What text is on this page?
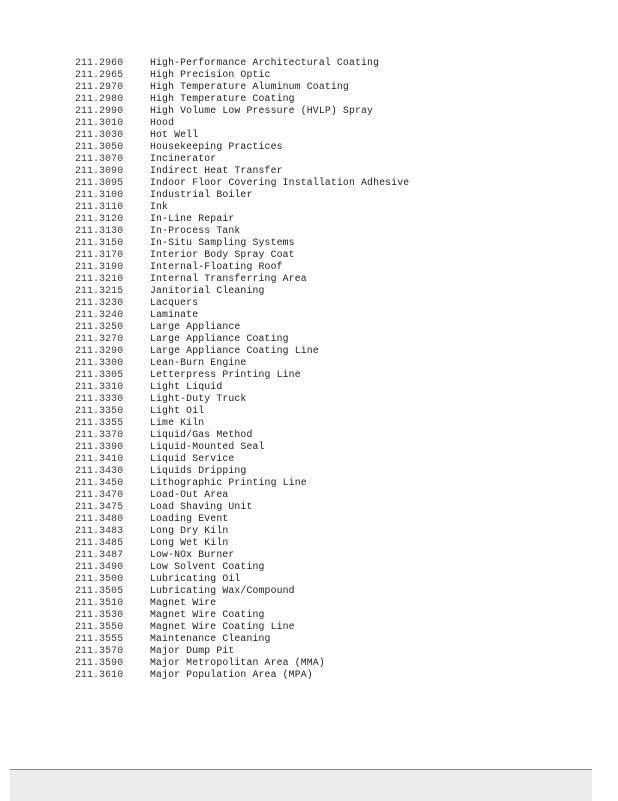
211.2960	High-Performance Architectural Coating
211.2965	High Precision Optic
211.2970	High Temperature Aluminum Coating
211.2980	High Temperature Coating
211.2990	High Volume Low Pressure (HVLP) Spray
211.3010	Hood
211.3030	Hot Well
211.3050	Housekeeping Practices
211.3070	Incinerator
211.3090	Indirect Heat Transfer
211.3095	Indoor Floor Covering Installation Adhesive
211.3100	Industrial Boiler
211.3110	Ink
211.3120	In-Line Repair
211.3130	In-Process Tank
211.3150	In-Situ Sampling Systems
211.3170	Interior Body Spray Coat
211.3190	Internal-Floating Roof
211.3210	Internal Transferring Area
211.3215	Janitorial Cleaning
211.3230	Lacquers
211.3240	Laminate
211.3250	Large Appliance
211.3270	Large Appliance Coating
211.3290	Large Appliance Coating Line
211.3300	Lean-Burn Engine
211.3305	Letterpress Printing Line
211.3310	Light Liquid
211.3330	Light-Duty Truck
211.3350	Light Oil
211.3355	Lime Kiln
211.3370	Liquid/Gas Method
211.3390	Liquid-Mounted Seal
211.3410	Liquid Service
211.3430	Liquids Dripping
211.3450	Lithographic Printing Line
211.3470	Load-Out Area
211.3475	Load Shaving Unit
211.3480	Loading Event
211.3483	Long Dry Kiln
211.3485	Long Wet Kiln
211.3487	Low-NOx Burner
211.3490	Low Solvent Coating
211.3500	Lubricating Oil
211.3505	Lubricating Wax/Compound
211.3510	Magnet Wire
211.3530	Magnet Wire Coating
211.3550	Magnet Wire Coating Line
211.3555	Maintenance Cleaning
211.3570	Major Dump Pit
211.3590	Major Metropolitan Area (MMA)
211.3610	Major Population Area (MPA)
